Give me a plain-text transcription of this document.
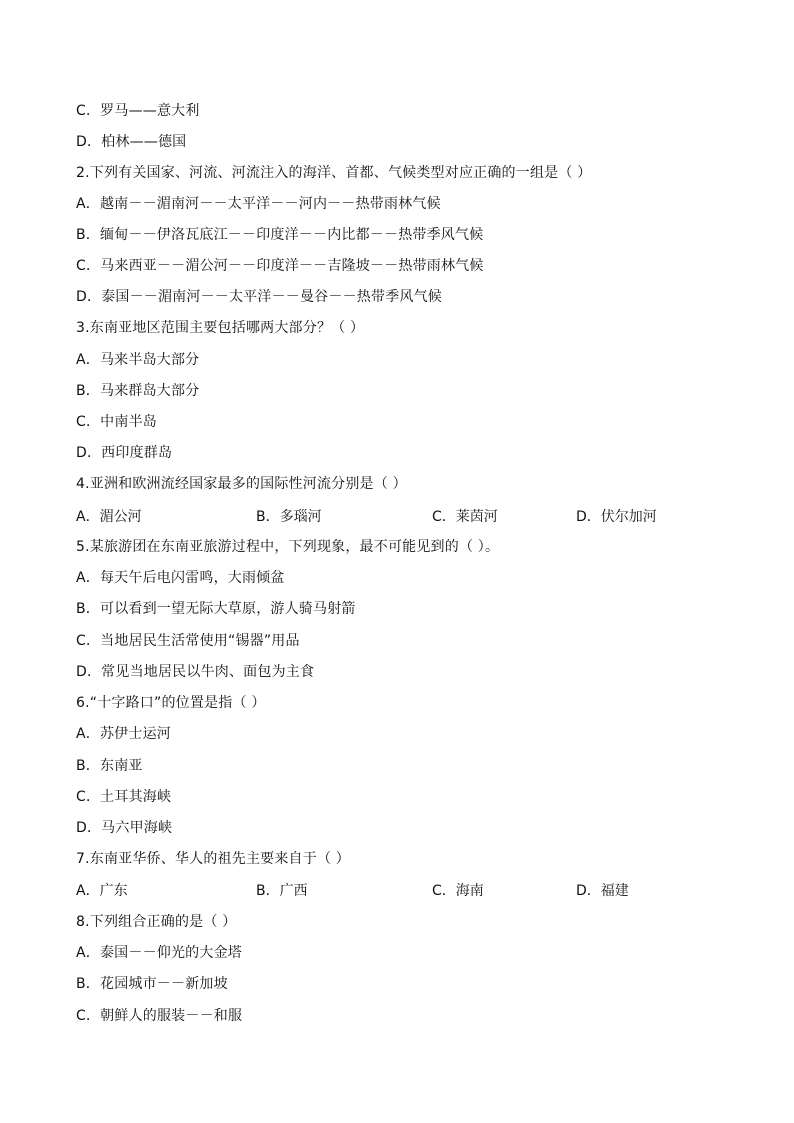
C．罗马——意大利
D．柏林——德国
2.下列有关国家、河流、河流注入的海洋、首都、气候类型对应正确的一组是（ ）
A．越南－－湄南河－－太平洋－－河内－－热带雨林气候
B．缅甸－－伊洛瓦底江－－印度洋－－内比都－－热带季风气候
C．马来西亚－－湄公河－－印度洋－－吉隆坡－－热带雨林气候
D．泰国－－湄南河－－太平洋－－曼谷－－热带季风气候
3.东南亚地区范围主要包括哪两大部分？（ ）
A．马来半岛大部分
B．马来群岛大部分
C．中南半岛
D．西印度群岛
4.亚洲和欧洲流经国家最多的国际性河流分别是（ ）
A．湄公河	B．多瑙河	C．莱茵河	D．伏尔加河
5.某旅游团在东南亚旅游过程中，下列现象，最不可能见到的（ ）。
A．每天午后电闪雷鸣，大雨倾盆
B．可以看到一望无际大草原，游人骑马射箭
C．当地居民生活常使用“锡器”用品
D．常见当地居民以牛肉、面包为主食
6.“十字路口”的位置是指（ ）
A．苏伊士运河
B．东南亚
C．土耳其海峡
D．马六甲海峡
7.东南亚华侨、华人的祖先主要来自于（ ）
A．广东	B．广西	C．海南	D．福建
8.下列组合正确的是（ ）
A．泰国－－仰光的大金塔
B．花园城市－－新加坡
C．朝鲜人的服装－－和服
